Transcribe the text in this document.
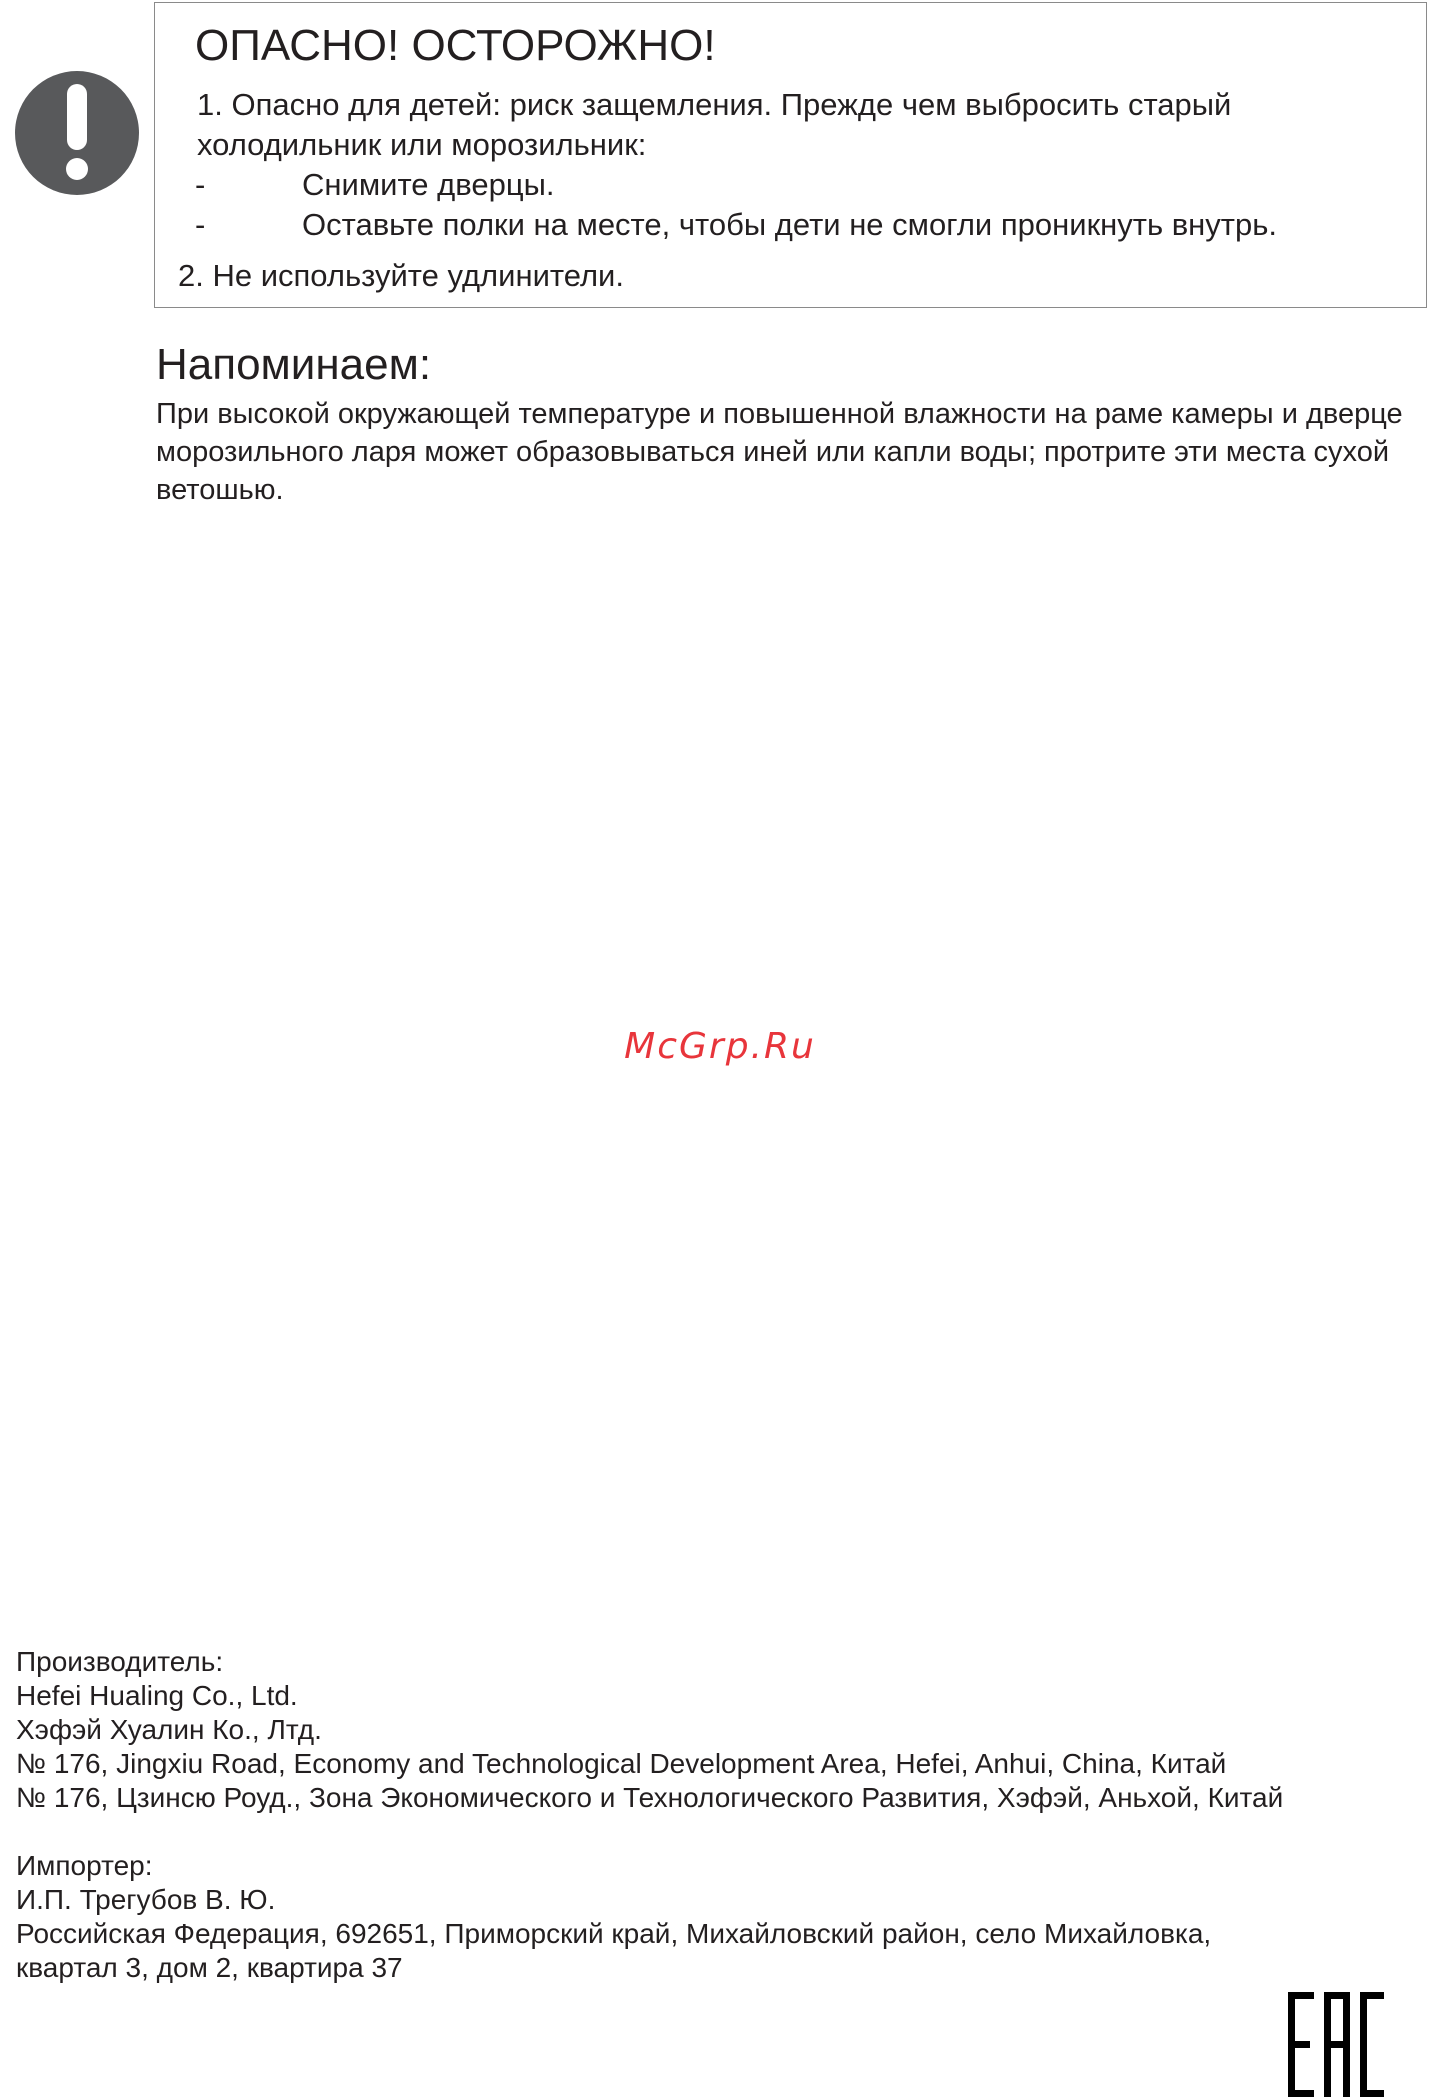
ОПАСНО! ОСТОРОЖНО!
1. Опасно для детей: риск защемления. Прежде чем выбросить старый
холодильник или морозильник:
-	Снимите дверцы.
-	Оставьте полки на месте, чтобы дети не смогли проникнуть внутрь.
2. Не используйте удлинители.
Напоминаем:
При высокой окружающей температуре и повышенной влажности на раме камеры и дверце морозильного ларя может образовываться иней или капли воды; протрите эти места сухой ветошью.
McGrp.Ru
Производитель:
Hefei Hualing Co., Ltd.
Хэфэй Хуалин Ко., Лтд.
№ 176, Jingxiu Road, Economy and Technological Development Area, Hefei, Anhui, China, Китай
№ 176, Цзинсю Роуд., Зона Экономического и Технологического Развития, Хэфэй, Аньхой, Китай
Импортер:
И.П. Трегубов В. Ю.
Российская Федерация, 692651, Приморский край, Михайловский район, село Михайловка,
квартал 3, дом 2, квартира 37
